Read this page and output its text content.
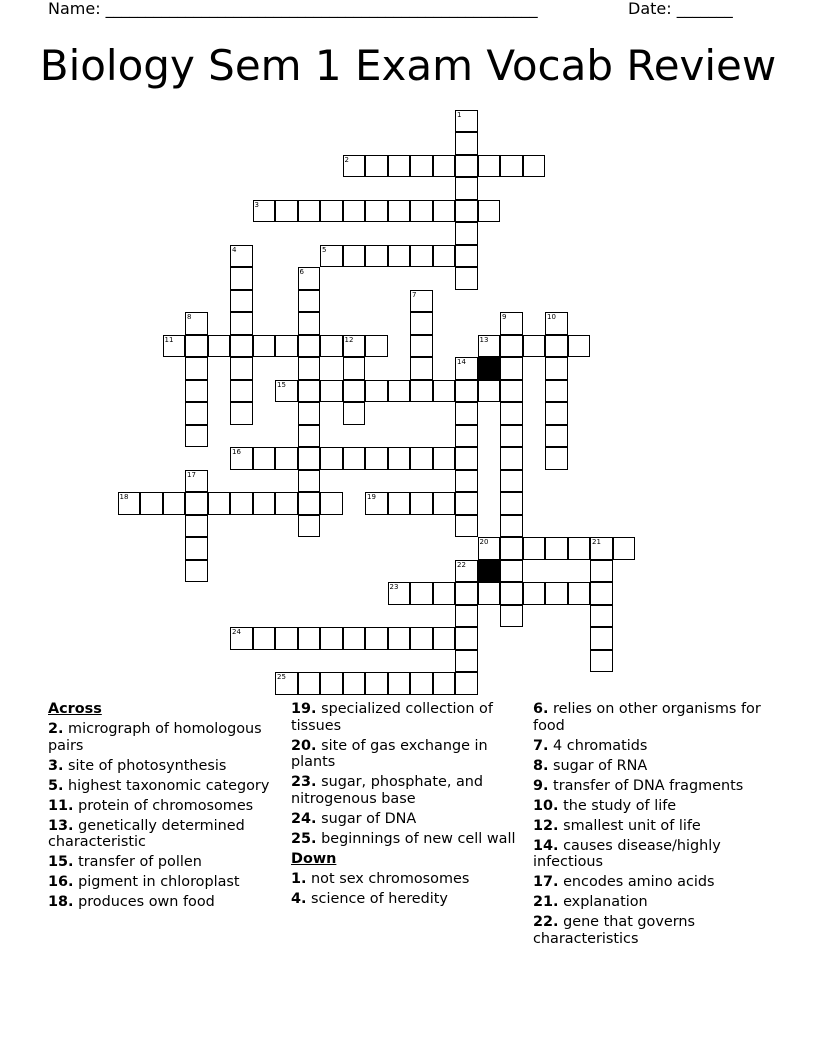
Name: ______________________________________________________	Date: _______
Biology Sem 1 Exam Vocab Review
2
3
5
11	13
15
16
18	19
20
23
24
25
1
4
6
7
8	9	10
12
14
17
21
22
Across
2. micrograph of homologous pairs
3. site of photosynthesis
5. highest taxonomic category
11. protein of chromosomes
13. genetically determined characteristic
15. transfer of pollen
16. pigment in chloroplast
18. produces own food
19. specialized collection of tissues
20. site of gas exchange in plants
23. sugar, phosphate, and nitrogenous base
24. sugar of DNA
25. beginnings of new cell wall
Down
1. not sex chromosomes
4. science of heredity
6. relies on other organisms for food
7. 4 chromatids
8. sugar of RNA
9. transfer of DNA fragments
10. the study of life
12. smallest unit of life
14. causes disease/highly infectious
17. encodes amino acids
21. explanation
22. gene that governs characteristics
